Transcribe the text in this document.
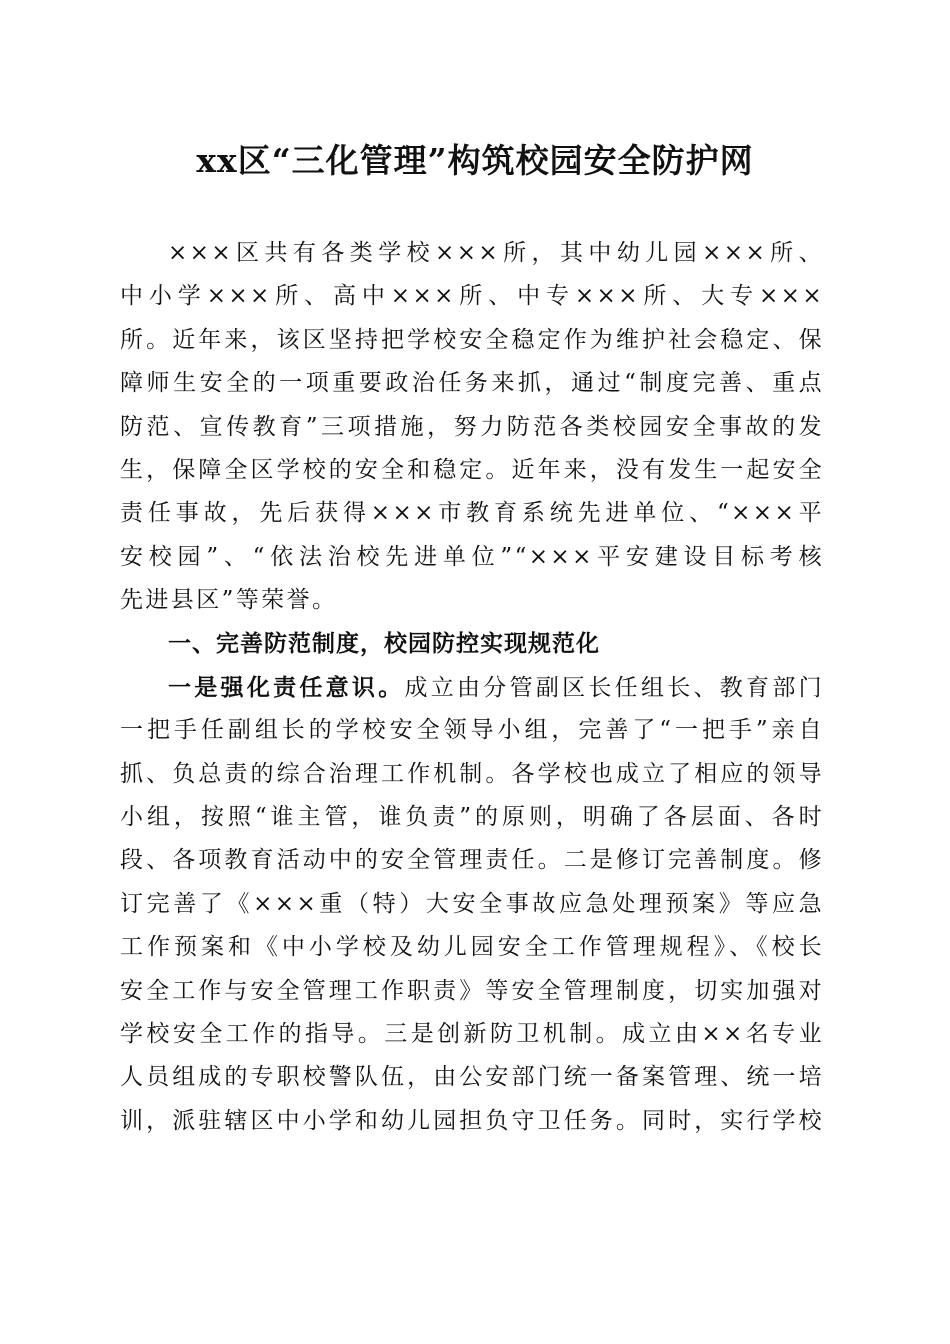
xx区“三化管理”构筑校园安全防护网
×××区共有各类学校×××所，其中幼儿园×××所、
中小学×××所、高中×××所、中专×××所、大专×××
所。近年来，该区坚持把学校安全稳定作为维护社会稳定、保
障师生安全的一项重要政治任务来抓，通过“制度完善、重点
防范、宣传教育”三项措施，努力防范各类校园安全事故的发
生，保障全区学校的安全和稳定。近年来，没有发生一起安全
责任事故，先后获得×××市教育系统先进单位、“×××平
安校园”、“依法治校先进单位”“×××平安建设目标考核
先进县区”等荣誉。
一、完善防范制度，校园防控实现规范化
一是强化责任意识。成立由分管副区长任组长、教育部门
一把手任副组长的学校安全领导小组，完善了“一把手”亲自
抓、负总责的综合治理工作机制。各学校也成立了相应的领导
小组，按照“谁主管，谁负责”的原则，明确了各层面、各时
段、各项教育活动中的安全管理责任。二是修订完善制度。修
订完善了《×××重（特）大安全事故应急处理预案》等应急
工作预案和《中小学校及幼儿园安全工作管理规程》、《校长
安全工作与安全管理工作职责》等安全管理制度，切实加强对
学校安全工作的指导。三是创新防卫机制。成立由××名专业
人员组成的专职校警队伍，由公安部门统一备案管理、统一培
训，派驻辖区中小学和幼儿园担负守卫任务。同时，实行学校
